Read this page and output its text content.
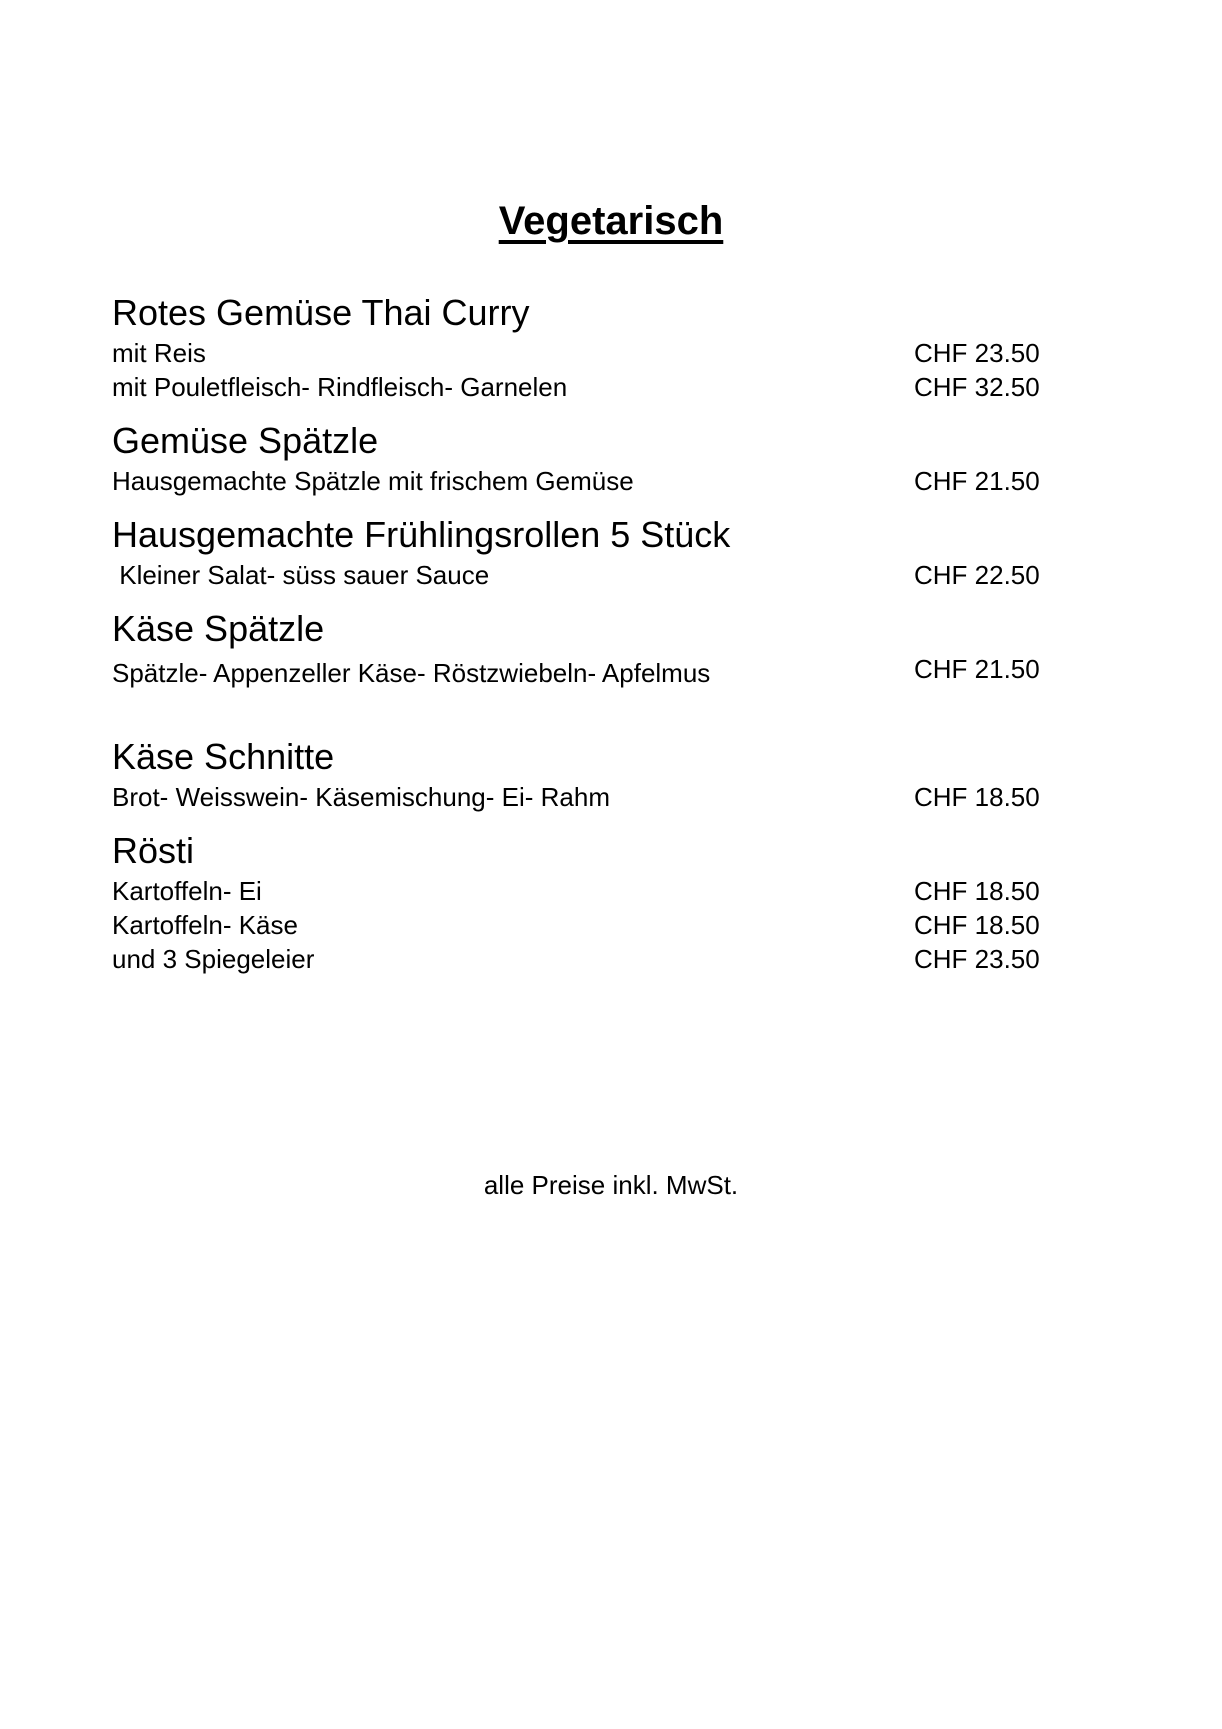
Vegetarisch
Rotes Gemüse Thai Curry
mit Reis	CHF 23.50
mit Pouletfleisch- Rindfleisch- Garnelen	CHF 32.50
Gemüse Spätzle
Hausgemachte Spätzle mit frischem Gemüse	CHF 21.50
Hausgemachte Frühlingsrollen 5 Stück
Kleiner Salat- süss sauer Sauce	CHF 22.50
Käse Spätzle
Spätzle- Appenzeller Käse- Röstzwiebeln- Apfelmus	CHF 21.50
Käse Schnitte
Brot- Weisswein- Käsemischung- Ei- Rahm	CHF 18.50
Rösti
Kartoffeln- Ei	CHF 18.50
Kartoffeln- Käse	CHF 18.50
und 3 Spiegeleier	CHF 23.50
alle Preise inkl. MwSt.
